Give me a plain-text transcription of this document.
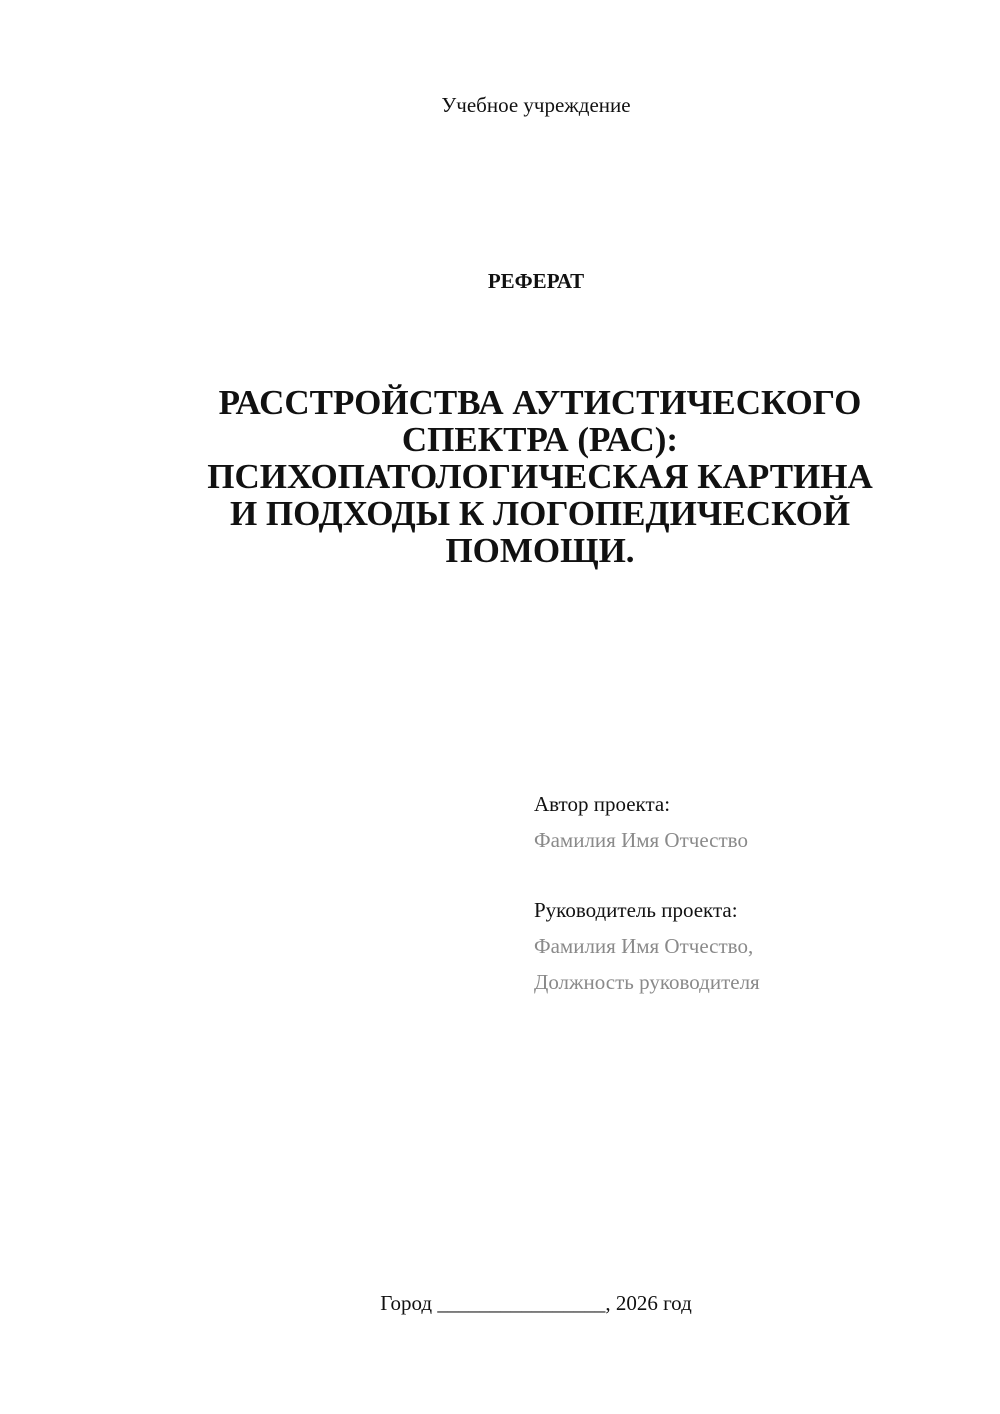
Учебное учреждение
РЕФЕРАТ
РАССТРОЙСТВА АУТИСТИЧЕСКОГО
СПЕКТРА (РАС):
ПСИХОПАТОЛОГИЧЕСКАЯ КАРТИНА
И ПОДХОДЫ К ЛОГОПЕДИЧЕСКОЙ
ПОМОЩИ.
Автор проекта:
Фамилия Имя Отчество
Руководитель проекта:
Фамилия Имя Отчество,
Должность руководителя
Город ________________, 2026 год
